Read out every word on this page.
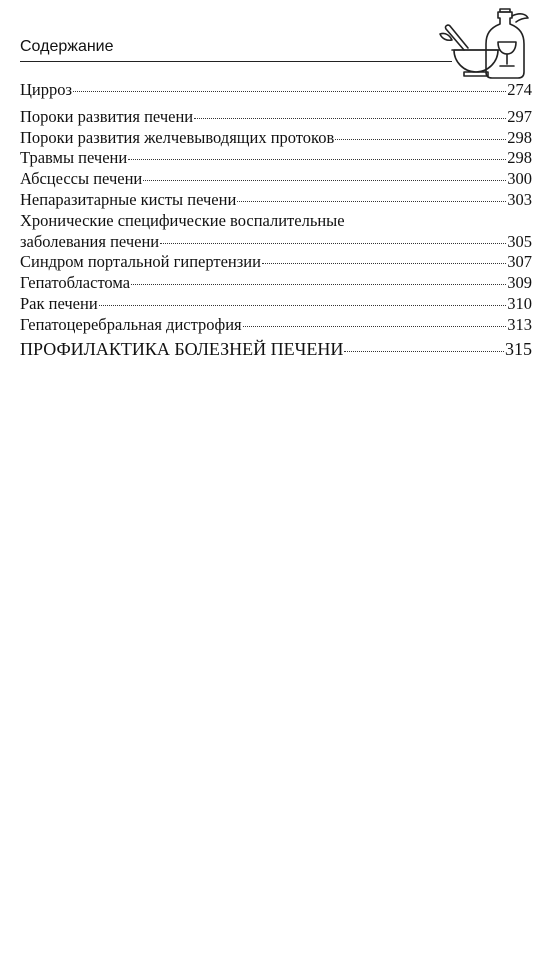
Содержание
Цирроз	274
Пороки развития печени	297
Пороки развития желчевыводящих протоков	298
Травмы печени	298
Абсцессы печени	300
Непаразитарные кисты печени	303
Хронические специфические воспалительные
заболевания печени	305
Синдром портальной гипертензии	307
Гепатобластома	309
Рак печени	310
Гепатоцеребральная дистрофия	313
ПРОФИЛАКТИКА БОЛЕЗНЕЙ ПЕЧЕНИ	315
